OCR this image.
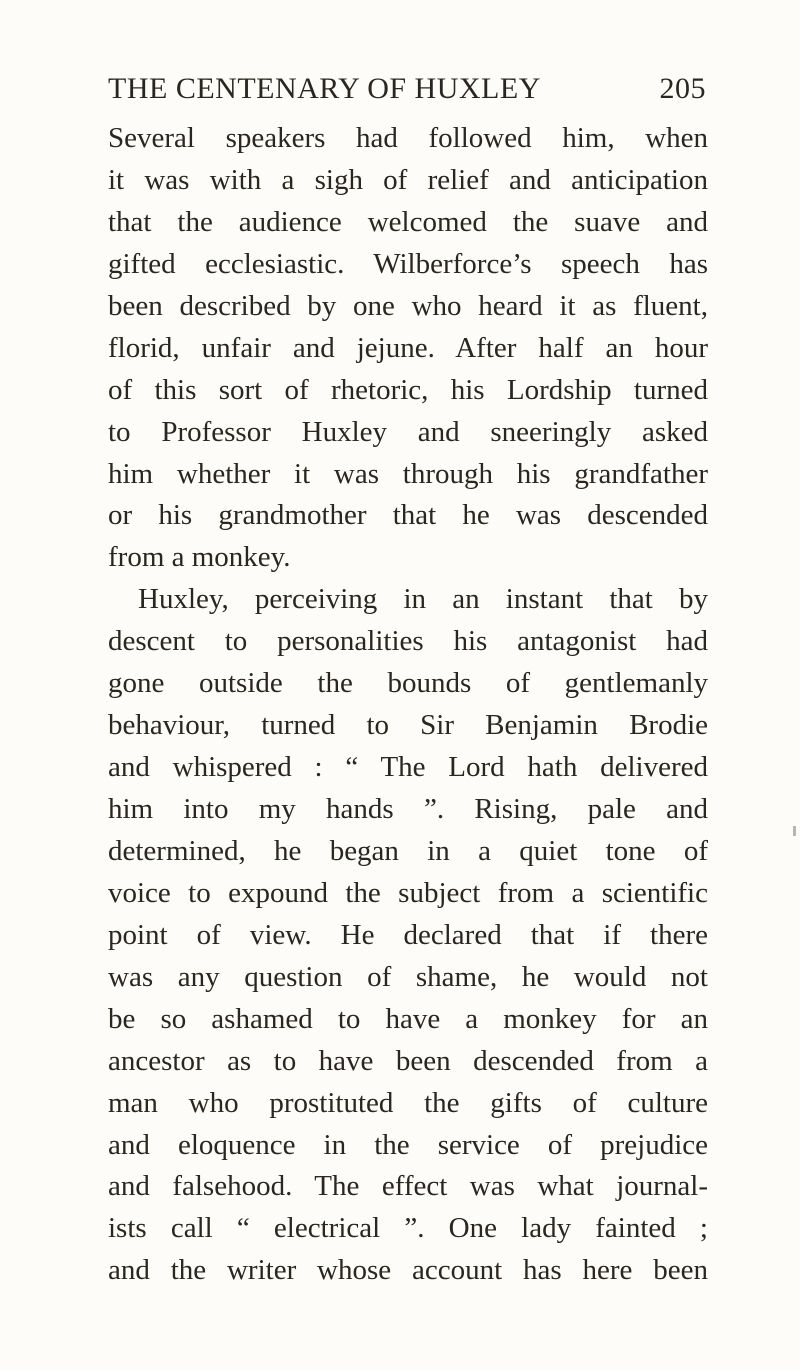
THE CENTENARY OF HUXLEY	205
Several speakers had followed him, when
it was with a sigh of relief and anticipation
that the audience welcomed the suave and
gifted ecclesiastic. Wilberforce’s speech has
been described by one who heard it as fluent,
florid, unfair and jejune. After half an hour
of this sort of rhetoric, his Lordship turned
to Professor Huxley and sneeringly asked
him whether it was through his grandfather
or his grandmother that he was descended
from a monkey.
Huxley, perceiving in an instant that by
descent to personalities his antagonist had
gone outside the bounds of gentlemanly
behaviour, turned to Sir Benjamin Brodie
and whispered : “ The Lord hath delivered
him into my hands ”. Rising, pale and
determined, he began in a quiet tone of
voice to expound the subject from a scientific
point of view. He declared that if there
was any question of shame, he would not
be so ashamed to have a monkey for an
ancestor as to have been descended from a
man who prostituted the gifts of culture
and eloquence in the service of prejudice
and falsehood. The effect was what journal-
ists call “ electrical ”. One lady fainted ;
and the writer whose account has here been
